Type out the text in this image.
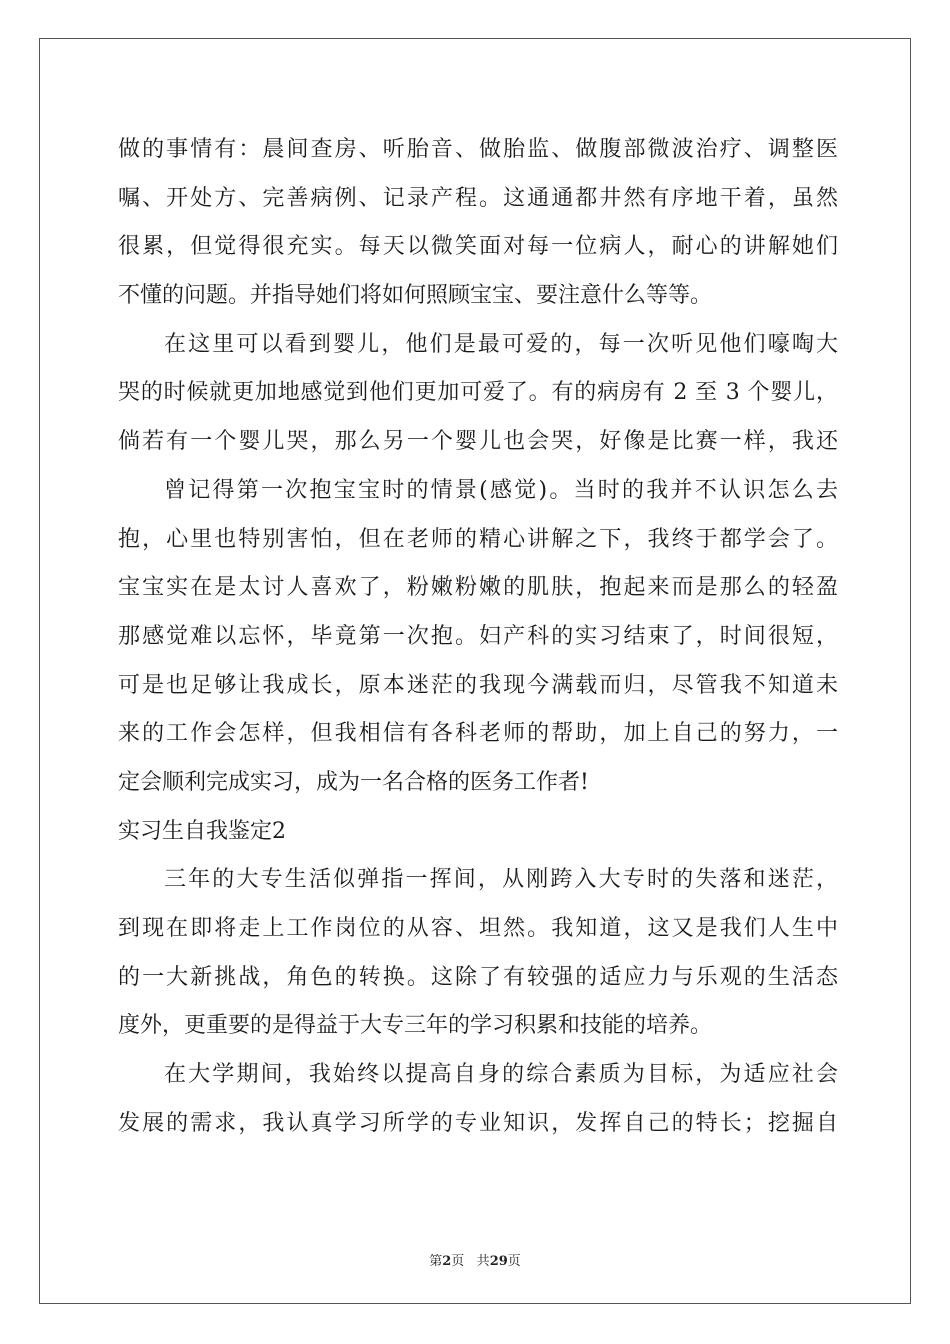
做的事情有：晨间查房、听胎音、做胎监、做腹部微波治疗、调整医
嘱、开处方、完善病例、记录产程。这通通都井然有序地干着，虽然
很累，但觉得很充实。每天以微笑面对每一位病人，耐心的讲解她们
不懂的问题。并指导她们将如何照顾宝宝、要注意什么等等。
在这里可以看到婴儿，他们是最可爱的，每一次听见他们嚎啕大
哭的时候就更加地感觉到他们更加可爱了。有的病房有 2 至 3 个婴儿，
倘若有一个婴儿哭，那么另一个婴儿也会哭，好像是比赛一样，我还
曾记得第一次抱宝宝时的情景(感觉)。当时的我并不认识怎么去
抱，心里也特别害怕，但在老师的精心讲解之下，我终于都学会了。
宝宝实在是太讨人喜欢了，粉嫩粉嫩的肌肤，抱起来而是那么的轻盈
那感觉难以忘怀，毕竟第一次抱。妇产科的实习结束了，时间很短，
可是也足够让我成长，原本迷茫的我现今满载而归，尽管我不知道未
来的工作会怎样，但我相信有各科老师的帮助，加上自己的努力，一
定会顺利完成实习，成为一名合格的医务工作者!
实习生自我鉴定2
三年的大专生活似弹指一挥间，从刚跨入大专时的失落和迷茫，
到现在即将走上工作岗位的从容、坦然。我知道，这又是我们人生中
的一大新挑战，角色的转换。这除了有较强的适应力与乐观的生活态
度外，更重要的是得益于大专三年的学习积累和技能的培养。
在大学期间，我始终以提高自身的综合素质为目标，为适应社会
发展的需求，我认真学习所学的专业知识，发挥自己的特长；挖掘自
第2页 共29页
